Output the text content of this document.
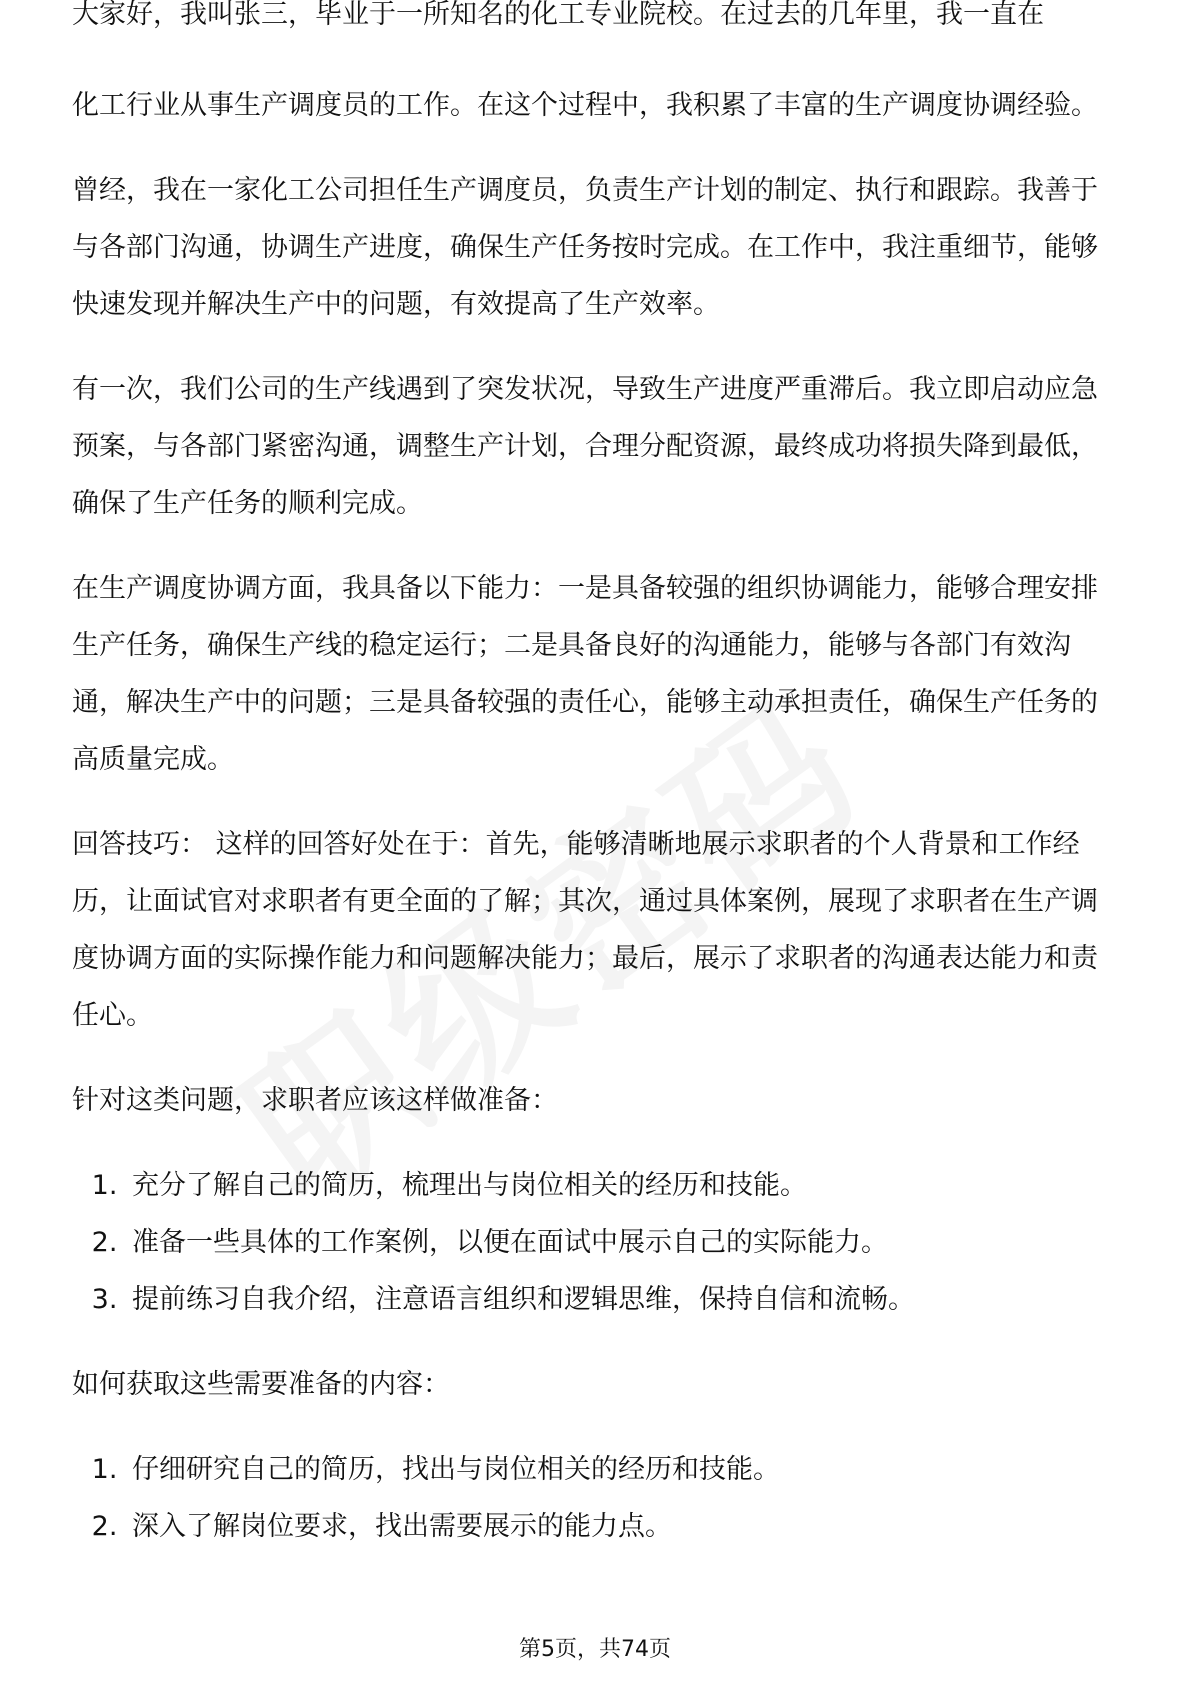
大家好，我叫张三，毕业于一所知名的化工专业院校。在过去的几年里，我一直在
化工行业从事生产调度员的工作。在这个过程中，我积累了丰富的生产调度协调经验。

曾经，我在一家化工公司担任生产调度员，负责生产计划的制定、执行和跟踪。我善于与各部门沟通，协调生产进度，确保生产任务按时完成。在工作中，我注重细节，能够快速发现并解决生产中的问题，有效提高了生产效率。

有一次，我们公司的生产线遇到了突发状况，导致生产进度严重滞后。我立即启动应急预案，与各部门紧密沟通，调整生产计划，合理分配资源，最终成功将损失降到最低，确保了生产任务的顺利完成。

在生产调度协调方面，我具备以下能力：一是具备较强的组织协调能力，能够合理安排生产任务，确保生产线的稳定运行；二是具备良好的沟通能力，能够与各部门有效沟通，解决生产中的问题；三是具备较强的责任心，能够主动承担责任，确保生产任务的高质量完成。

回答技巧： 这样的回答好处在于：首先，能够清晰地展示求职者的个人背景和工作经历，让面试官对求职者有更全面的了解；其次，通过具体案例，展现了求职者在生产调度协调方面的实际操作能力和问题解决能力；最后，展示了求职者的沟通表达能力和责任心。

针对这类问题，求职者应该这样做准备：

1. 充分了解自己的简历，梳理出与岗位相关的经历和技能。
2. 准备一些具体的工作案例，以便在面试中展示自己的实际能力。
3. 提前练习自我介绍，注意语言组织和逻辑思维，保持自信和流畅。

如何获取这些需要准备的内容：

1. 仔细研究自己的简历，找出与岗位相关的经历和技能。
2. 深入了解岗位要求，找出需要展示的能力点。
第5页，共74页
